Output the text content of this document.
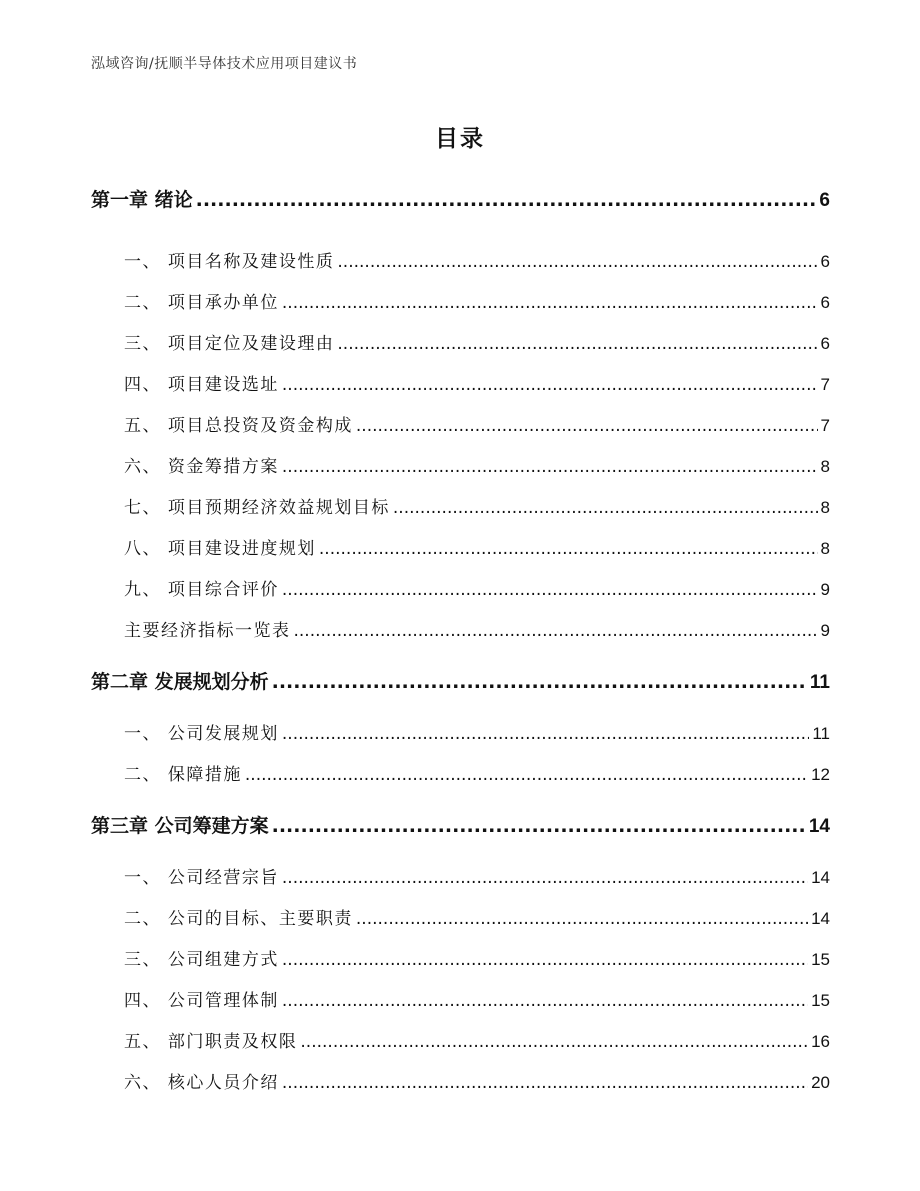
泓域咨询/抚顺半导体技术应用项目建议书
目录
第一章 绪论 .....	6
一、 项目名称及建设性质 .....	6
二、 项目承办单位 .....	6
三、 项目定位及建设理由 .....	6
四、 项目建设选址 .....	7
五、 项目总投资及资金构成 .....	7
六、 资金筹措方案 .....	8
七、 项目预期经济效益规划目标 .....	8
八、 项目建设进度规划 .....	8
九、 项目综合评价 .....	9
主要经济指标一览表 .....	9
第二章 发展规划分析 .....	11
一、 公司发展规划 .....	11
二、 保障措施 .....	12
第三章 公司筹建方案 .....	14
一、 公司经营宗旨 .....	14
二、 公司的目标、主要职责 .....	14
三、 公司组建方式 .....	15
四、 公司管理体制 .....	15
五、 部门职责及权限 .....	16
六、 核心人员介绍 .....	20
